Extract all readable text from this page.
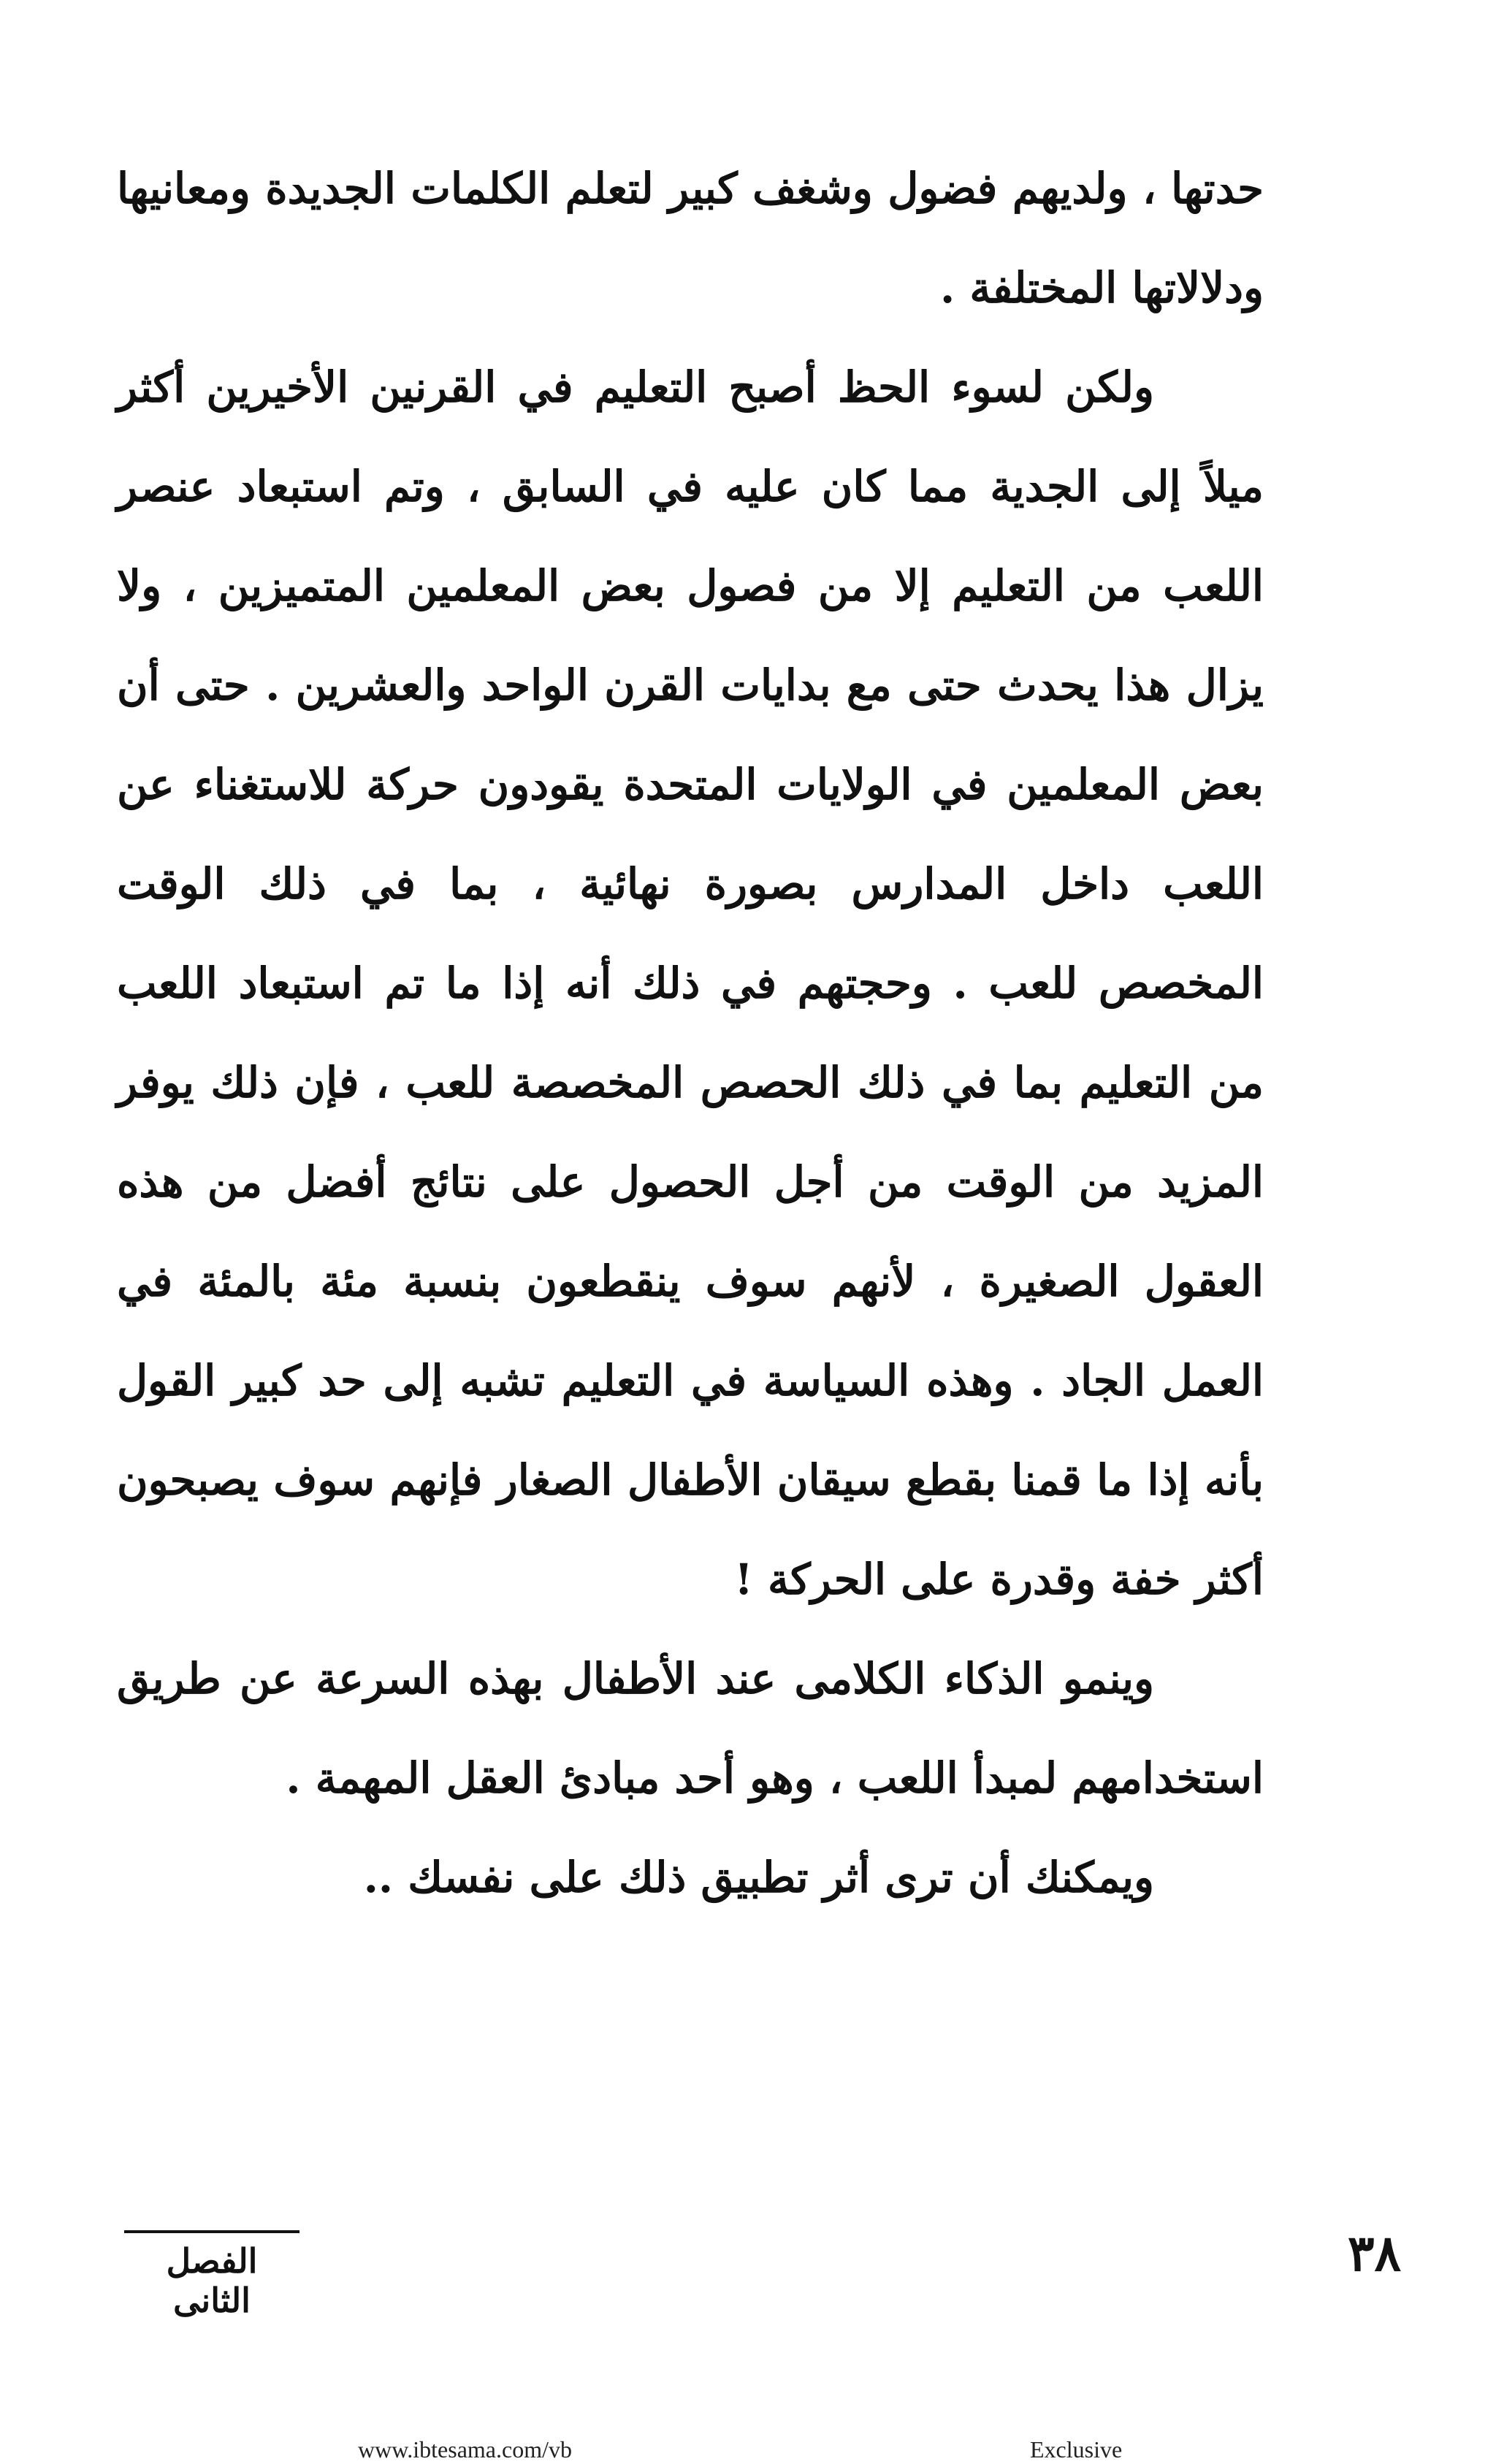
حدتها ، ولديهم فضول وشغف كبير لتعلم الكلمات الجديدة ومعانيها ودلالاتها المختلفة .

ولكن لسوء الحظ أصبح التعليم في القرنين الأخيرين أكثر ميلاً إلى الجدية مما كان عليه في السابق ، وتم استبعاد عنصر اللعب من التعليم إلا من فصول بعض المعلمين المتميزين ، ولا يزال هذا يحدث حتى مع بدايات القرن الواحد والعشرين . حتى أن بعض المعلمين في الولايات المتحدة يقودون حركة للاستغناء عن اللعب داخل المدارس بصورة نهائية ، بما في ذلك الوقت المخصص للعب . وحجتهم في ذلك أنه إذا ما تم استبعاد اللعب من التعليم بما في ذلك الحصص المخصصة للعب ، فإن ذلك يوفر المزيد من الوقت من أجل الحصول على نتائج أفضل من هذه العقول الصغيرة ، لأنهم سوف ينقطعون بنسبة مئة بالمئة في العمل الجاد . وهذه السياسة في التعليم تشبه إلى حد كبير القول بأنه إذا ما قمنا بقطع سيقان الأطفال الصغار فإنهم سوف يصبحون أكثر خفة وقدرة على الحركة !

وينمو الذكاء الكلامى عند الأطفال بهذه السرعة عن طريق استخدامهم لمبدأ اللعب ، وهو أحد مبادئ العقل المهمة .

ويمكنك أن ترى أثر تطبيق ذلك على نفسك ..

الفصل الثانى
٣٨
www.ibtesama.com/vb	Exclusive
